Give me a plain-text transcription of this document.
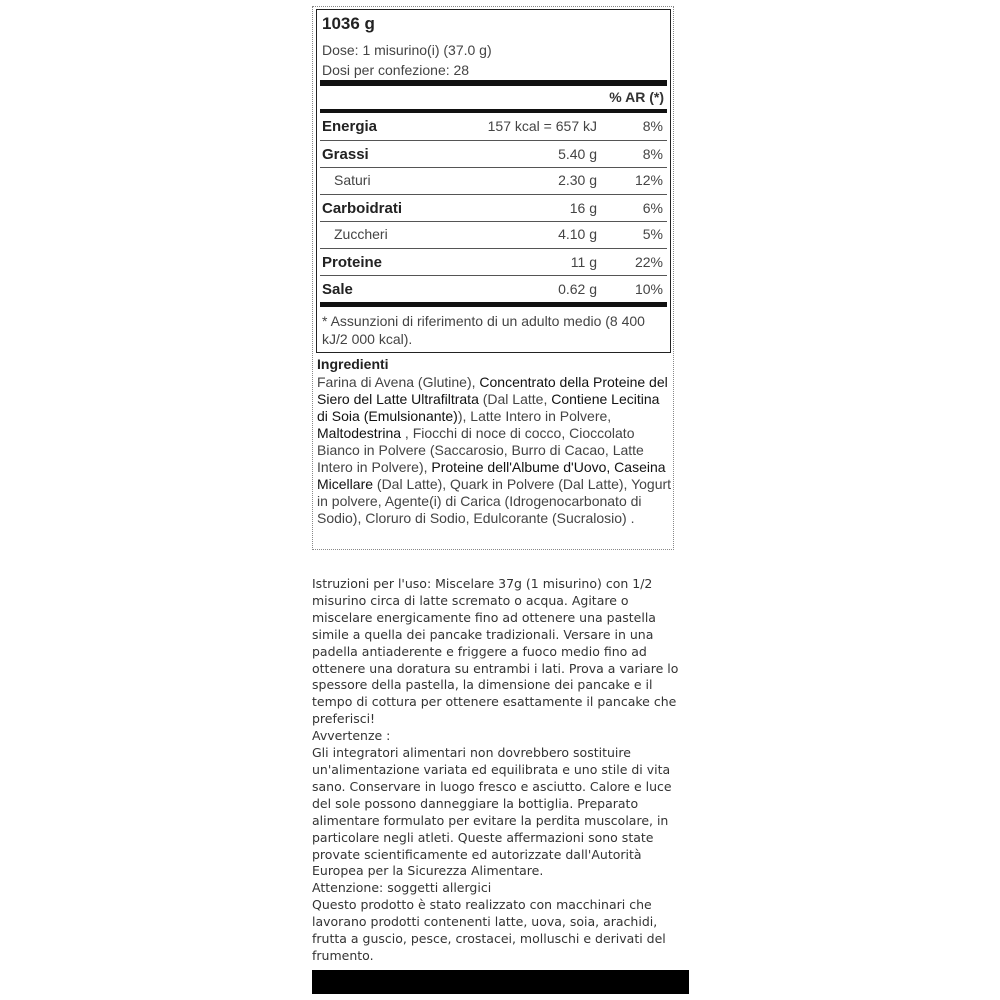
1036 g
Dose: 1 misurino(i) (37.0 g)
Dosi per confezione: 28
% AR (*)
Energia	157 kcal = 657 kJ	8%
Grassi	5.40 g	8%
Saturi	2.30 g	12%
Carboidrati	16 g	6%
Zuccheri	4.10 g	5%
Proteine	11 g	22%
Sale	0.62 g	10%
* Assunzioni di riferimento di un adulto medio (8 400 kJ/2 000 kcal).
Ingredienti
Farina di Avena (Glutine), Concentrato della Proteine del Siero del Latte Ultrafiltrata (Dal Latte, Contiene Lecitina di Soia (Emulsionante)), Latte Intero in Polvere, Maltodestrina , Fiocchi di noce di cocco, Cioccolato Bianco in Polvere (Saccarosio, Burro di Cacao, Latte Intero in Polvere), Proteine dell'Albume d'Uovo, Caseina Micellare (Dal Latte), Quark in Polvere (Dal Latte), Yogurt in polvere, Agente(i) di Carica (Idrogenocarbonato di Sodio), Cloruro di Sodio, Edulcorante (Sucralosio) .
Istruzioni per l'uso: Miscelare 37g (1 misurino) con 1/2 misurino circa di latte scremato o acqua. Agitare o miscelare energicamente fino ad ottenere una pastella simile a quella dei pancake tradizionali. Versare in una padella antiaderente e friggere a fuoco medio fino ad ottenere una doratura su entrambi i lati. Prova a variare lo spessore della pastella, la dimensione dei pancake e il tempo di cottura per ottenere esattamente il pancake che preferisci!
Avvertenze :
Gli integratori alimentari non dovrebbero sostituire un'alimentazione variata ed equilibrata e uno stile di vita sano. Conservare in luogo fresco e asciutto. Calore e luce del sole possono danneggiare la bottiglia. Preparato alimentare formulato per evitare la perdita muscolare, in particolare negli atleti. Queste affermazioni sono state provate scientificamente ed autorizzate dall'Autorità Europea per la Sicurezza Alimentare.
Attenzione: soggetti allergici
Questo prodotto è stato realizzato con macchinari che lavorano prodotti contenenti latte, uova, soia, arachidi, frutta a guscio, pesce, crostacei, molluschi e derivati del frumento.
